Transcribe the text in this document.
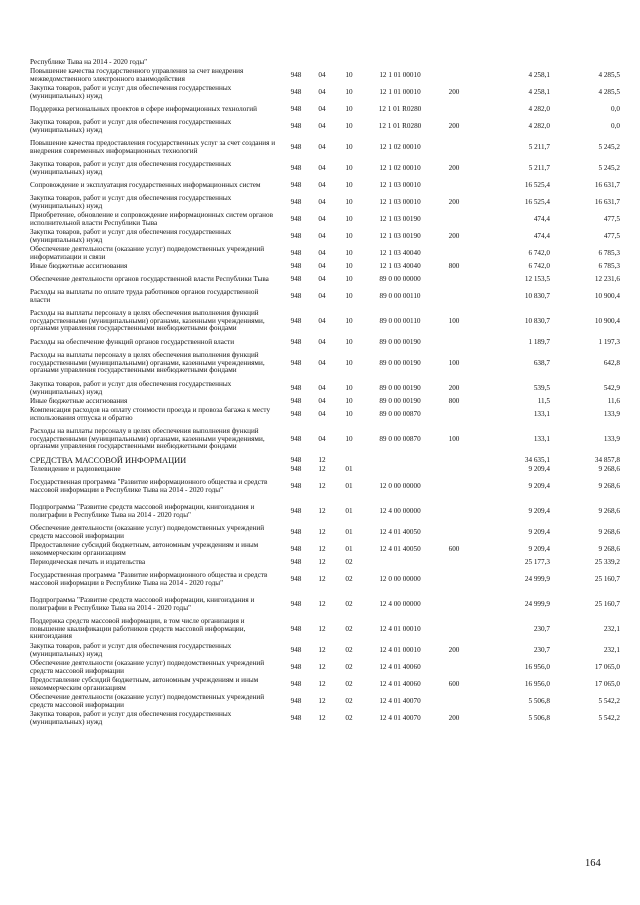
Республике Тыва на 2014 - 2020 годы"
Повышение качества государственного управления за счет внедрения межведомственного электронного взаимодействия	948	04	10	12 1 01 00010		4 258,1	4 285,5
Закупка товаров, работ и услуг для обеспечения государственных (муниципальных) нужд	948	04	10	12 1 01 00010	200	4 258,1	4 285,5
Поддержка региональных проектов в сфере информационных технологий	948	04	10	12 1 01 R0280		4 282,0	0,0
Закупка товаров, работ и услуг для обеспечения государственных (муниципальных) нужд	948	04	10	12 1 01 R0280	200	4 282,0	0,0
Повышение качества предоставления государственных услуг за счет создания и внедрения современных информационных технологий	948	04	10	12 1 02 00010		5 211,7	5 245,2
Закупка товаров, работ и услуг для обеспечения государственных (муниципальных) нужд	948	04	10	12 1 02 00010	200	5 211,7	5 245,2
Сопровождение и эксплуатация государственных информационных систем	948	04	10	12 1 03 00010		16 525,4	16 631,7
Закупка товаров, работ и услуг для обеспечения государственных (муниципальных) нужд	948	04	10	12 1 03 00010	200	16 525,4	16 631,7
Приобретение, обновление и сопровождение информационных систем органов исполнительной власти Республики Тыва	948	04	10	12 1 03 00190		474,4	477,5
Закупка товаров, работ и услуг для обеспечения государственных (муниципальных) нужд	948	04	10	12 1 03 00190	200	474,4	477,5
Обеспечение деятельности (оказание услуг) подведомственных учреждений информатизации и связи	948	04	10	12 1 03 40040		6 742,0	6 785,3
Иные бюджетные ассигнования	948	04	10	12 1 03 40040	800	6 742,0	6 785,3
Обеспечение деятельности органов государственной власти Республики Тыва	948	04	10	89 0 00 00000		12 153,5	12 231,6
Расходы на выплаты по оплате труда работников органов государственной власти	948	04	10	89 0 00 00110		10 830,7	10 900,4
Расходы на выплаты персоналу в целях обеспечения выполнения функций государственными (муниципальными) органами, казенными учреждениями, органами управления государственными внебюджетными фондами	948	04	10	89 0 00 00110	100	10 830,7	10 900,4
Расходы на обеспечение функций органов государственной власти	948	04	10	89 0 00 00190		1 189,7	1 197,3
Расходы на выплаты персоналу в целях обеспечения выполнения функций государственными (муниципальными) органами, казенными учреждениями, органами управления государственными внебюджетными фондами	948	04	10	89 0 00 00190	100	638,7	642,8
Закупка товаров, работ и услуг для обеспечения государственных (муниципальных) нужд	948	04	10	89 0 00 00190	200	539,5	542,9
Иные бюджетные ассигнования	948	04	10	89 0 00 00190	800	11,5	11,6
Компенсация расходов на оплату стоимости проезда и провоза багажа к месту использования отпуска и обратно	948	04	10	89 0 00 00870		133,1	133,9
Расходы на выплаты персоналу в целях обеспечения выполнения функций государственными (муниципальными) органами, казенными учреждениями, органами управления государственными внебюджетными фондами	948	04	10	89 0 00 00870	100	133,1	133,9
СРЕДСТВА МАССОВОЙ ИНФОРМАЦИИ	948	12				34 635,1	34 857,8
Телевидение и радиовещание	948	12	01			9 209,4	9 268,6
Государственная программа "Развитие информационного общества и средств массовой информации в Республике Тыва на 2014 - 2020 годы"	948	12	01	12 0 00 00000		9 209,4	9 268,6
Подпрограмма "Развитие средств массовой информации, книгоиздания и полиграфии в Республике Тыва на 2014 - 2020 годы"	948	12	01	12 4 00 00000		9 209,4	9 268,6
Обеспечение деятельности (оказание услуг) подведомственных учреждений средств массовой информации	948	12	01	12 4 01 40050		9 209,4	9 268,6
Предоставление субсидий бюджетным, автономным учреждениям и иным некоммерческим организациям	948	12	01	12 4 01 40050	600	9 209,4	9 268,6
Периодическая печать и издательства	948	12	02			25 177,3	25 339,2
Государственная программа "Развитие информационного общества и средств массовой информации в Республике Тыва на 2014 - 2020 годы"	948	12	02	12 0 00 00000		24 999,9	25 160,7
Подпрограмма "Развитие средств массовой информации, книгоиздания и полиграфии в Республике Тыва на 2014 - 2020 годы"	948	12	02	12 4 00 00000		24 999,9	25 160,7
Поддержка средств массовой информации, в том числе организация и повышение квалификации работников средств массовой информации, книгоиздания	948	12	02	12 4 01 00010		230,7	232,1
Закупка товаров, работ и услуг для обеспечения государственных (муниципальных) нужд	948	12	02	12 4 01 00010	200	230,7	232,1
Обеспечение деятельности (оказание услуг) подведомственных учреждений средств массовой информации	948	12	02	12 4 01 40060		16 956,0	17 065,0
Предоставление субсидий бюджетным, автономным учреждениям и иным некоммерческим организациям	948	12	02	12 4 01 40060	600	16 956,0	17 065,0
Обеспечение деятельности (оказание услуг) подведомственных учреждений средств массовой информации	948	12	02	12 4 01 40070		5 506,8	5 542,2
Закупка товаров, работ и услуг для обеспечения государственных (муниципальных) нужд	948	12	02	12 4 01 40070	200	5 506,8	5 542,2
164
